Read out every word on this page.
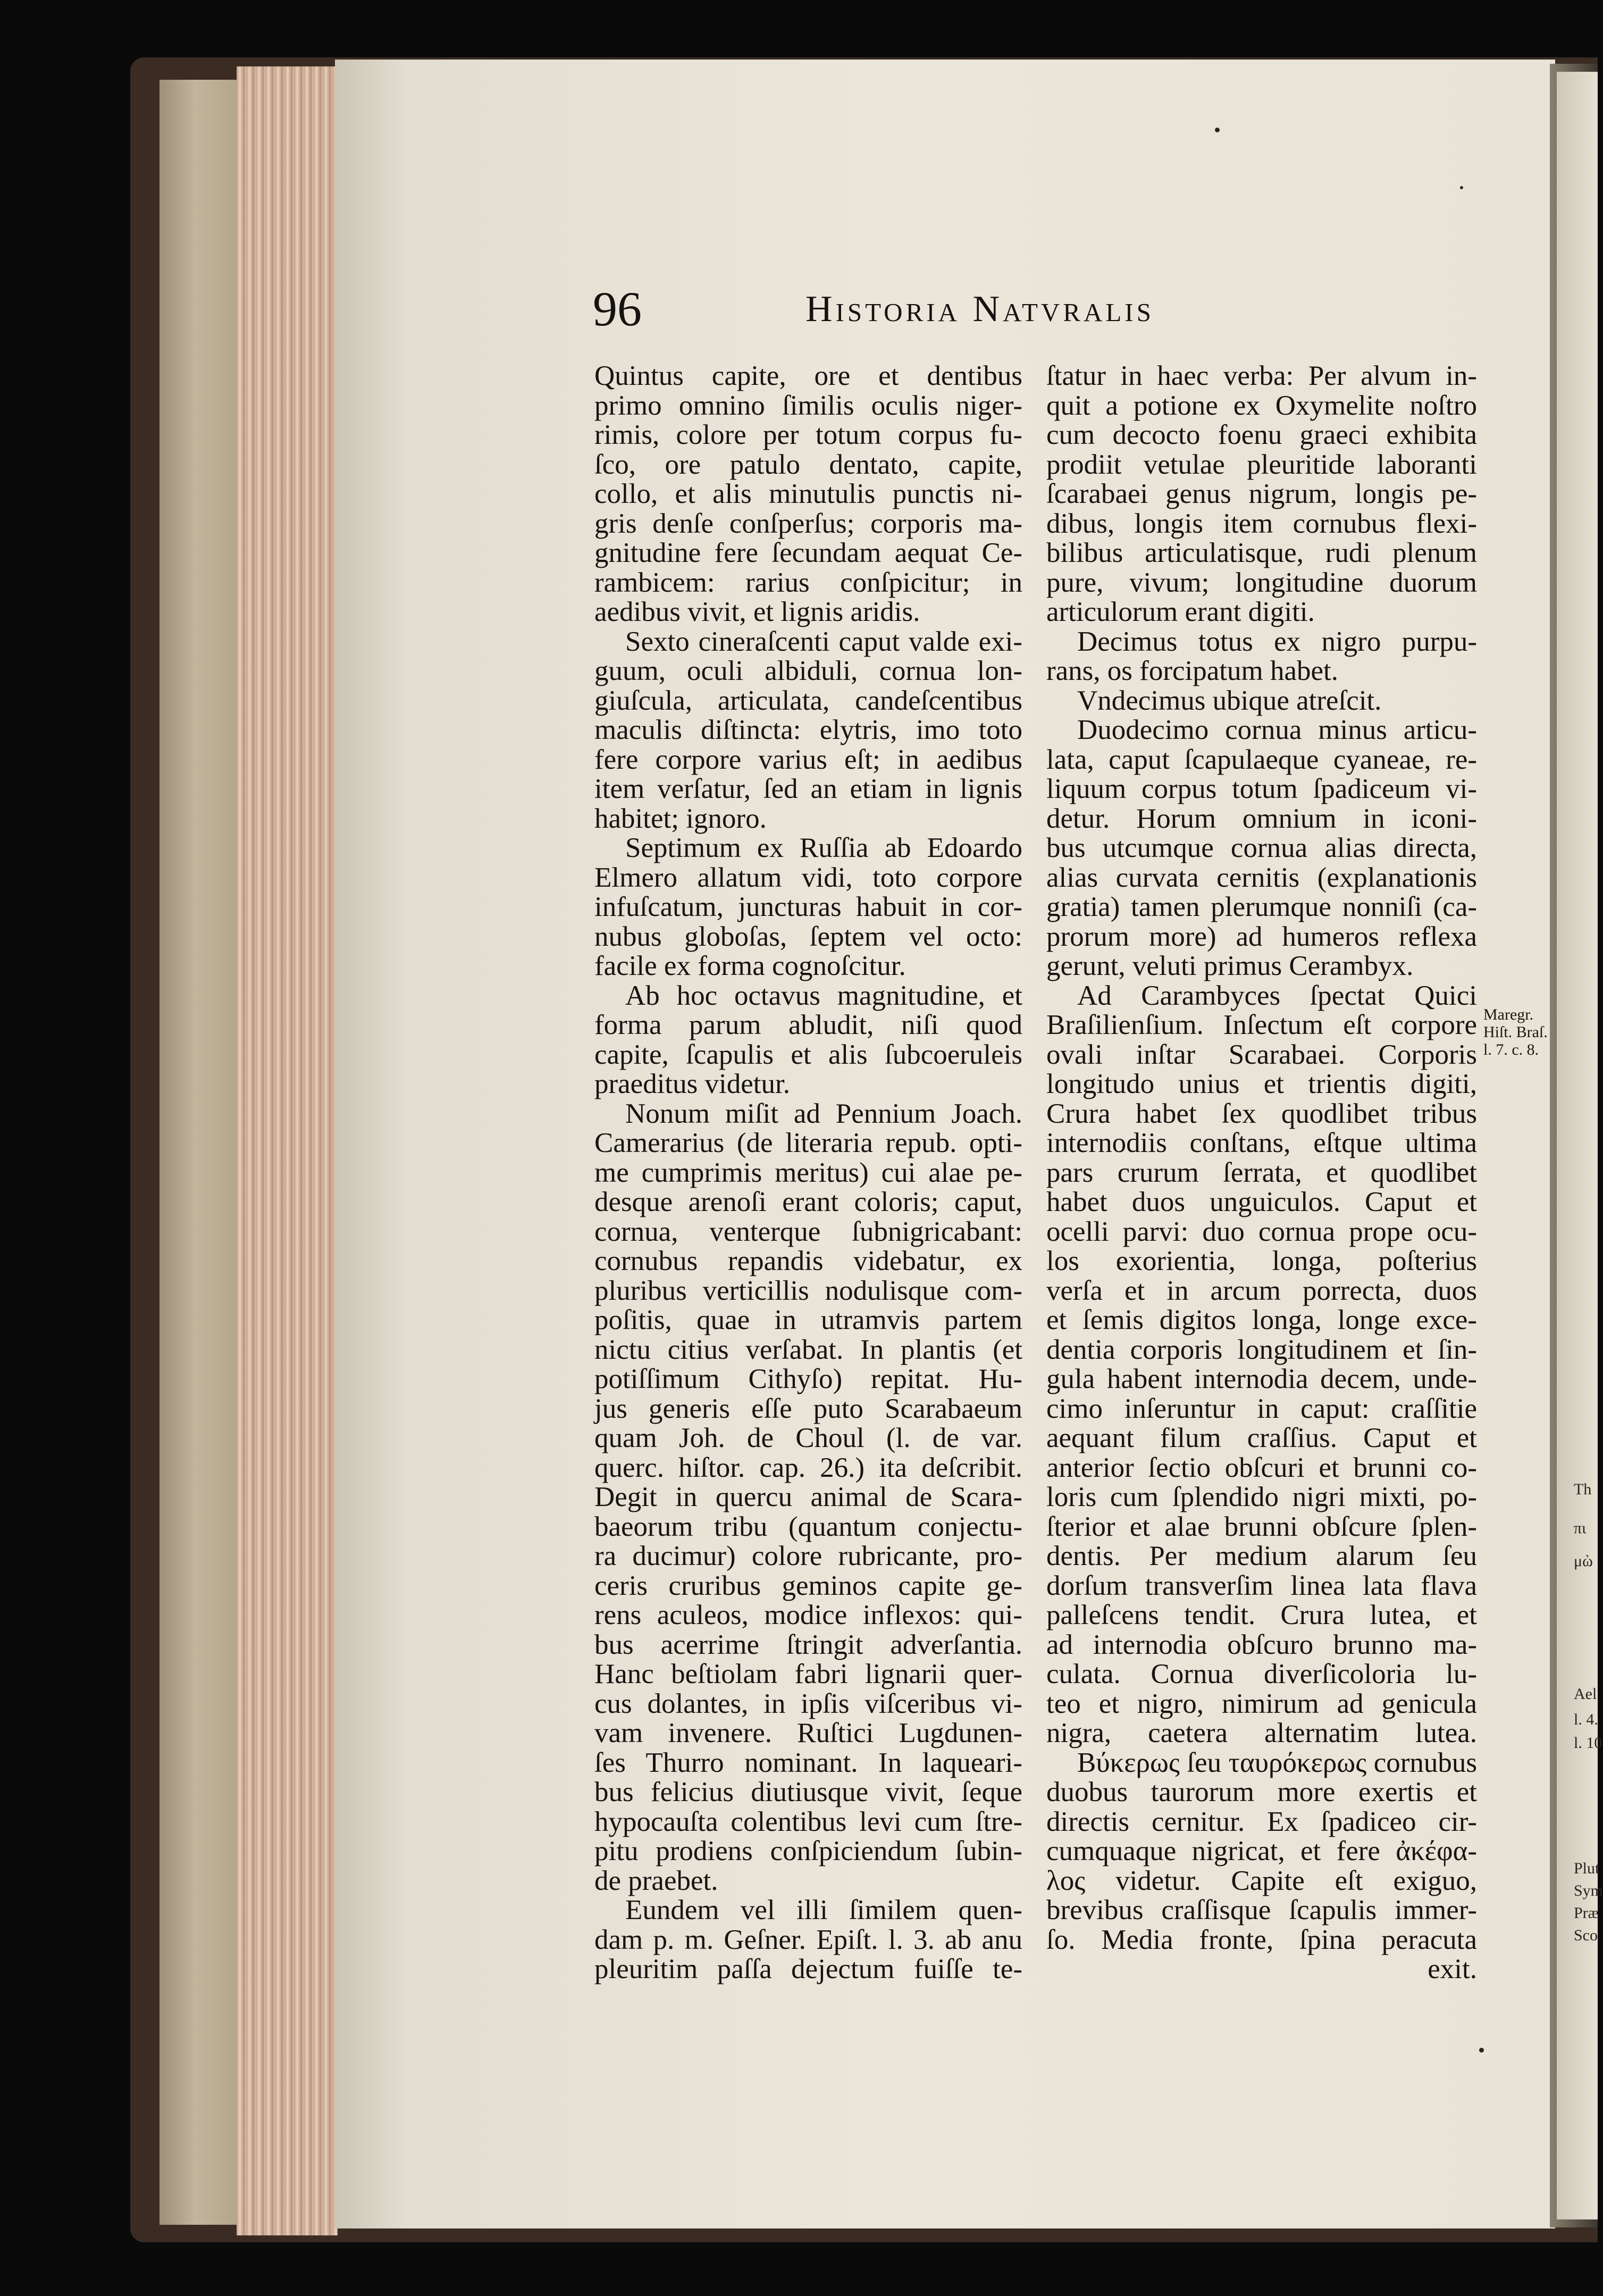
96	Historia Natvralis
Quintus capite, ore et dentibus
primo omnino ſimilis oculis niger-
rimis, colore per totum corpus fu-
ſco, ore patulo dentato, capite,
collo, et alis minutulis punctis ni-
gris denſe conſperſus; corporis ma-
gnitudine fere ſecundam aequat Ce-
rambicem: rarius conſpicitur; in
aedibus vivit, et lignis aridis.
Sexto cineraſcenti caput valde exi-
guum, oculi albiduli, cornua lon-
giuſcula, articulata, candeſcentibus
maculis diſtincta: elytris, imo toto
fere corpore varius eſt; in aedibus
item verſatur, ſed an etiam in lignis
habitet; ignoro.
Septimum ex Ruſſia ab Edoardo
Elmero allatum vidi, toto corpore
infuſcatum, juncturas habuit in cor-
nubus globoſas, ſeptem vel octo:
facile ex forma cognoſcitur.
Ab hoc octavus magnitudine, et
forma parum abludit, niſi quod
capite, ſcapulis et alis ſubcoeruleis
praeditus videtur.
Nonum miſit ad Pennium Joach.
Camerarius (de literaria repub. opti-
me cumprimis meritus) cui alae pe-
desque arenoſi erant coloris; caput,
cornua, venterque ſubnigricabant:
cornubus repandis videbatur, ex
pluribus verticillis nodulisque com-
poſitis, quae in utramvis partem
nictu citius verſabat. In plantis (et
potiſſimum Cithyſo) repitat. Hu-
jus generis eſſe puto Scarabaeum
quam Joh. de Choul (l. de var.
querc. hiſtor. cap. 26.) ita deſcribit.
Degit in quercu animal de Scara-
baeorum tribu (quantum conjectu-
ra ducimur) colore rubricante, pro-
ceris cruribus geminos capite ge-
rens aculeos, modice inflexos: qui-
bus acerrime ſtringit adverſantia.
Hanc beſtiolam fabri lignarii quer-
cus dolantes, in ipſis viſceribus vi-
vam invenere. Ruſtici Lugdunen-
ſes Thurro nominant. In laqueari-
bus felicius diutiusque vivit, ſeque
hypocauſta colentibus levi cum ſtre-
pitu prodiens conſpiciendum ſubin-
de praebet.
Eundem vel illi ſimilem quen-
dam p. m. Geſner. Epiſt. l. 3. ab anu
pleuritim paſſa dejectum fuiſſe te-
ſtatur in haec verba: Per alvum in-
quit a potione ex Oxymelite noſtro
cum decocto foenu graeci exhibita
prodiit vetulae pleuritide laboranti
ſcarabaei genus nigrum, longis pe-
dibus, longis item cornubus flexi-
bilibus articulatisque, rudi plenum
pure, vivum; longitudine duorum
articulorum erant digiti.
Decimus totus ex nigro purpu-
rans, os forcipatum habet.
Vndecimus ubique atreſcit.
Duodecimo cornua minus articu-
lata, caput ſcapulaeque cyaneae, re-
liquum corpus totum ſpadiceum vi-
detur. Horum omnium in iconi-
bus utcumque cornua alias directa,
alias curvata cernitis (explanationis
gratia) tamen plerumque nonniſi (ca-
prorum more) ad humeros reflexa
gerunt, veluti primus Cerambyx.
Ad Carambyces ſpectat Quici
Braſilienſium. Inſectum eſt corpore
ovali inſtar Scarabaei. Corporis
longitudo unius et trientis digiti,
Crura habet ſex quodlibet tribus
internodiis conſtans, eſtque ultima
pars crurum ſerrata, et quodlibet
habet duos unguiculos. Caput et
ocelli parvi: duo cornua prope ocu-
los exorientia, longa, poſterius
verſa et in arcum porrecta, duos
et ſemis digitos longa, longe exce-
dentia corporis longitudinem et ſin-
gula habent internodia decem, unde-
cimo inſeruntur in caput: craſſitie
aequant filum craſſius. Caput et
anterior ſectio obſcuri et brunni co-
loris cum ſplendido nigri mixti, po-
ſterior et alae brunni obſcure ſplen-
dentis. Per medium alarum ſeu
dorſum transverſim linea lata flava
palleſcens tendit. Crura lutea, et
ad internodia obſcuro brunno ma-
culata. Cornua diverſicoloria lu-
teo et nigro, nimirum ad genicula
nigra, caetera alternatim lutea.
Βύκερως ſeu ταυρόκερως cornubus
duobus taurorum more exertis et
directis cernitur. Ex ſpadiceo cir-
cumquaque nigricat, et fere ἀκέφα-
λος videtur. Capite eſt exiguo,
brevibus craſſisque ſcapulis immer-
ſo. Media fronte, ſpina peracuta
exit.
Maregr.
Hiſt. Braſ.
l. 7. c. 8.
Th
πι
μὼ
Ael
l. 4.
l. 10
Plut
Sym
Præ
Sco
